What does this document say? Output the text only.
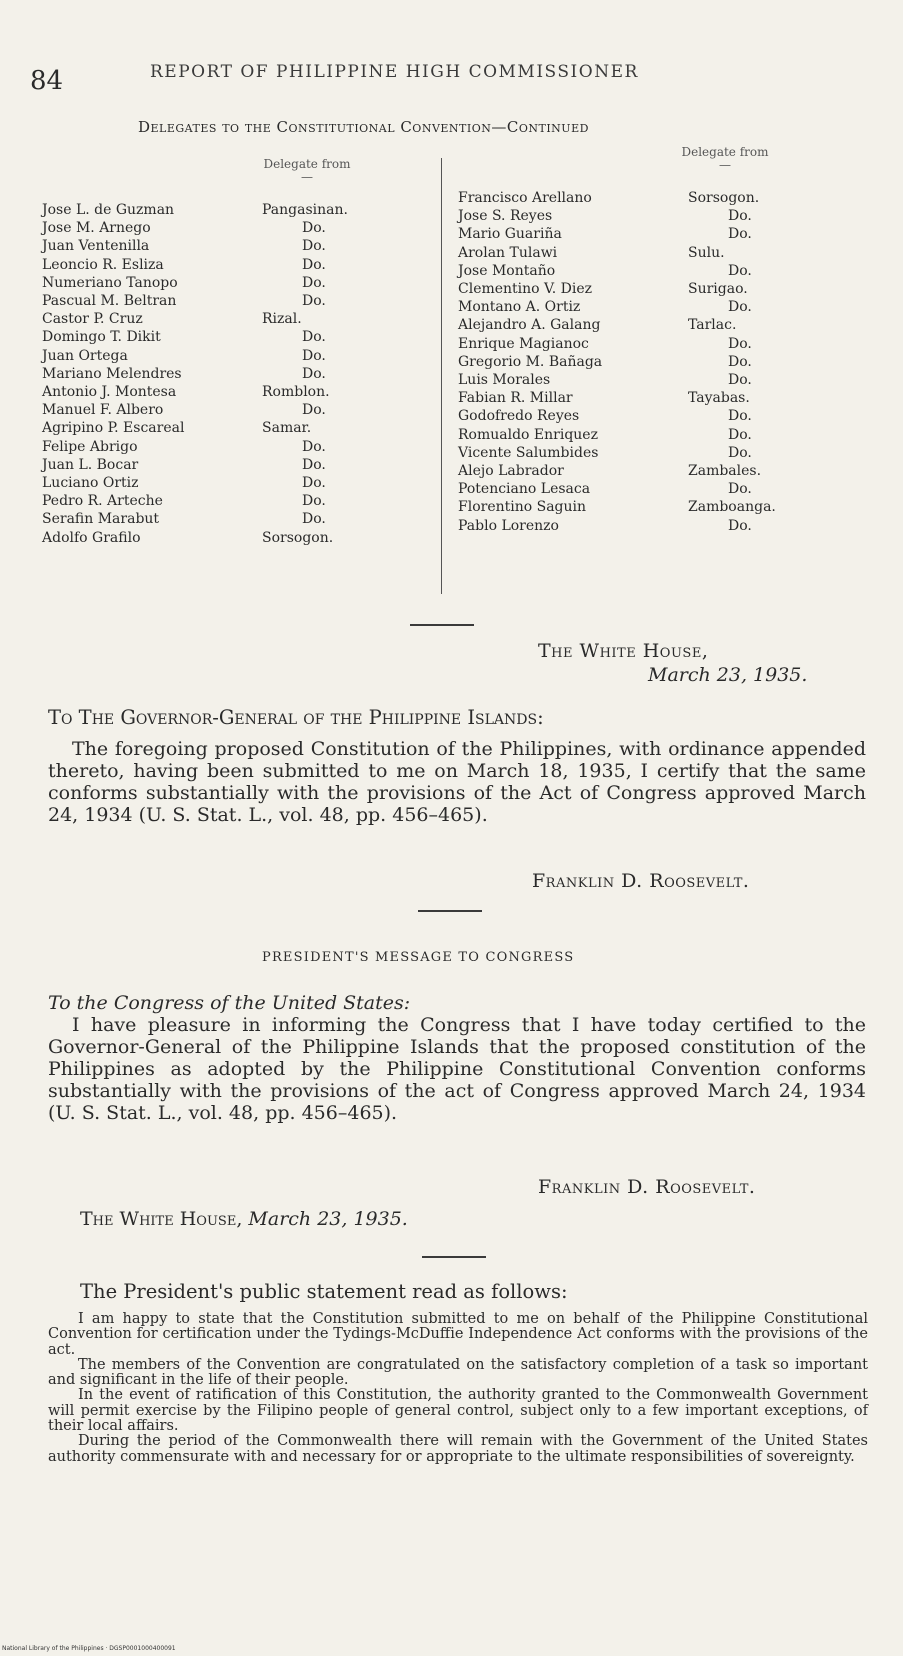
84	REPORT OF PHILIPPINE HIGH COMMISSIONER
Delegates to the Constitutional Convention—Continued
Delegate from—
Delegate from—
Jose L. de Guzman	Pangasinan.
Jose M. Arnego	Do.
Juan Ventenilla	Do.
Leoncio R. Esliza	Do.
Numeriano Tanopo	Do.
Pascual M. Beltran	Do.
Castor P. Cruz	Rizal.
Domingo T. Dikit	Do.
Juan Ortega	Do.
Mariano Melendres	Do.
Antonio J. Montesa	Romblon.
Manuel F. Albero	Do.
Agripino P. Escareal	Samar.
Felipe Abrigo	Do.
Juan L. Bocar	Do.
Luciano Ortiz	Do.
Pedro R. Arteche	Do.
Serafin Marabut	Do.
Adolfo Grafilo	Sorsogon.
Francisco Arellano	Sorsogon.
Jose S. Reyes	Do.
Mario Guariña	Do.
Arolan Tulawi	Sulu.
Jose Montaño	Do.
Clementino V. Diez	Surigao.
Montano A. Ortiz	Do.
Alejandro A. Galang	Tarlac.
Enrique Magianoc	Do.
Gregorio M. Bañaga	Do.
Luis Morales	Do.
Fabian R. Millar	Tayabas.
Godofredo Reyes	Do.
Romualdo Enriquez	Do.
Vicente Salumbides	Do.
Alejo Labrador	Zambales.
Potenciano Lesaca	Do.
Florentino Saguin	Zamboanga.
Pablo Lorenzo	Do.
The White House,
March 23, 1935.
To The Governor-General of the Philippine Islands:
The foregoing proposed Constitution of the Philippines, with ordinance appended thereto, having been submitted to me on March 18, 1935, I certify that the same conforms substantially with the provisions of the Act of Congress approved March 24, 1934 (U. S. Stat. L., vol. 48, pp. 456–465).
Franklin D. Roosevelt.
PRESIDENT'S MESSAGE TO CONGRESS
To the Congress of the United States:
I have pleasure in informing the Congress that I have today certified to the Governor-General of the Philippine Islands that the proposed constitution of the Philippines as adopted by the Philippine Constitutional Convention conforms substantially with the provisions of the act of Congress approved March 24, 1934 (U. S. Stat. L., vol. 48, pp. 456–465).
Franklin D. Roosevelt.
The White House, March 23, 1935.
The President's public statement read as follows:

I am happy to state that the Constitution submitted to me on behalf of the Philippine Constitutional Convention for certification under the Tydings-McDuffie Independence Act conforms with the provisions of the act.

The members of the Convention are congratulated on the satisfactory completion of a task so important and significant in the life of their people.

In the event of ratification of this Constitution, the authority granted to the Commonwealth Government will permit exercise by the Filipino people of general control, subject only to a few important exceptions, of their local affairs.

During the period of the Commonwealth there will remain with the Government of the United States authority commensurate with and necessary for or appropriate to the ultimate responsibilities of sovereignty.

National Library of the Philippines · DGSP0001000400091
